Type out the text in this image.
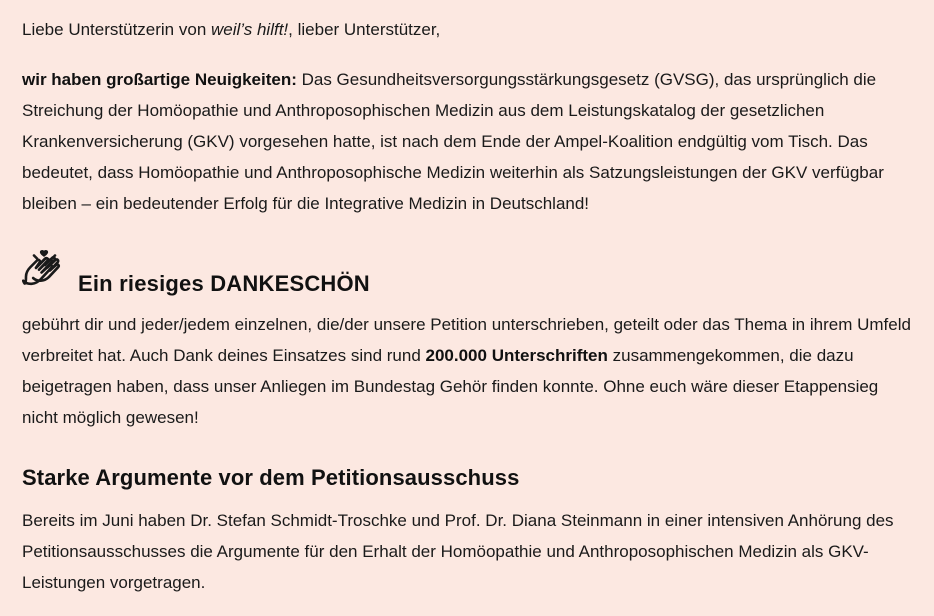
Liebe Unterstützerin von weil’s hilft!, lieber Unterstützer,

wir haben großartige Neuigkeiten: Das Gesundheitsversorgungsstärkungsgesetz (GVSG), das ursprünglich die Streichung der Homöopathie und Anthroposophischen Medizin aus dem Leistungskatalog der gesetzlichen Krankenversicherung (GKV) vorgesehen hatte, ist nach dem Ende der Ampel-Koalition endgültig vom Tisch. Das bedeutet, dass Homöopathie und Anthroposophische Medizin weiterhin als Satzungsleistungen der GKV verfügbar bleiben – ein bedeutender Erfolg für die Integrative Medizin in Deutschland!

Ein riesiges DANKESCHÖN

gebührt dir und jeder/jedem einzelnen, die/der unsere Petition unterschrieben, geteilt oder das Thema in ihrem Umfeld verbreitet hat. Auch Dank deines Einsatzes sind rund 200.000 Unterschriften zusammengekommen, die dazu beigetragen haben, dass unser Anliegen im Bundestag Gehör finden konnte. Ohne euch wäre dieser Etappensieg nicht möglich gewesen!

Starke Argumente vor dem Petitionsausschuss

Bereits im Juni haben Dr. Stefan Schmidt-Troschke und Prof. Dr. Diana Steinmann in einer intensiven Anhörung des Petitionsausschusses die Argumente für den Erhalt der Homöopathie und Anthroposophischen Medizin als GKV-Leistungen vorgetragen.
